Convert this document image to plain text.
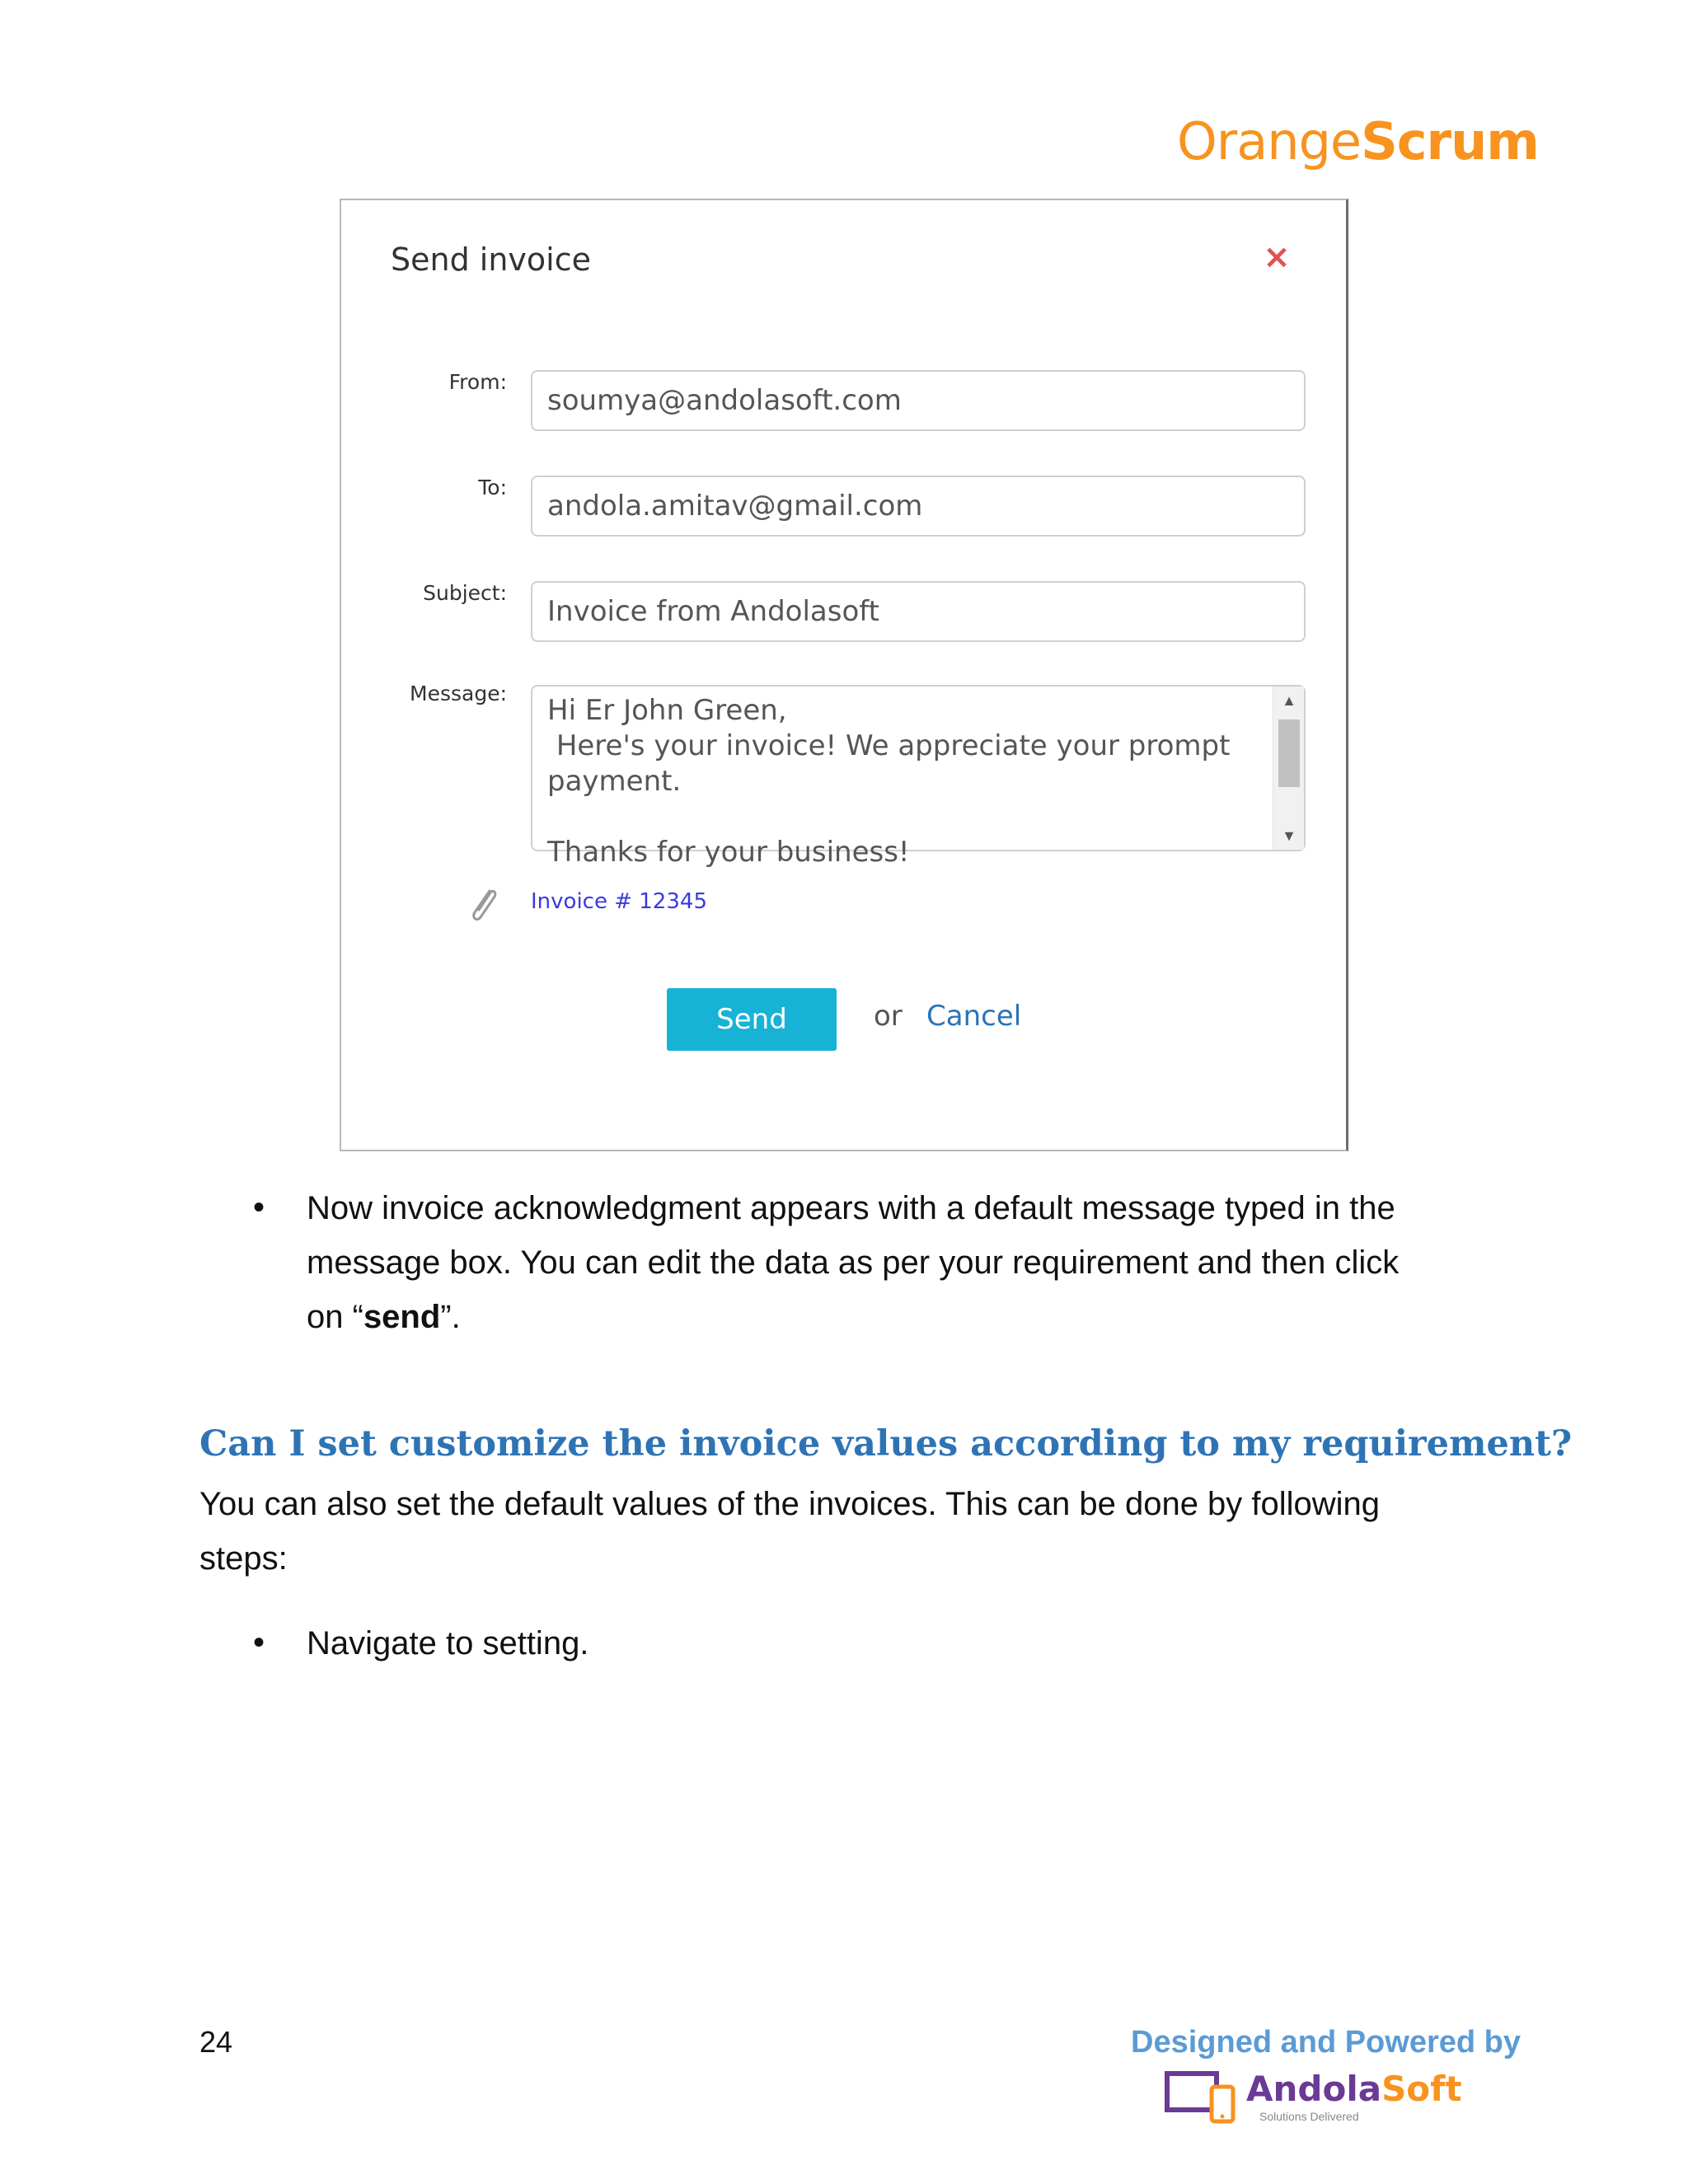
Orange Scrum
Send invoice	×
From:
soumya@andolasoft.com
To:
andola.amitav@gmail.com
Subject:
Invoice from Andolasoft
Message:
Hi Er John Green,
Here's your invoice! We appreciate your prompt payment.

Thanks for your business!
▲
▼
Invoice # 12345
Send	or Cancel
• Now invoice acknowledgment appears with a default message typed in the
message box. You can edit the data as per your requirement and then click
on “send”.
Can I set customize the invoice values according to my requirement?
You can also set the default values of the invoices. This can be done by following
steps:
• Navigate to setting.
24	Designed and Powered by
AndolaSoft
Solutions Delivered
